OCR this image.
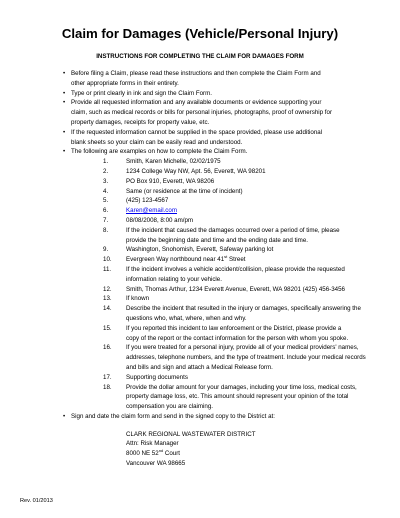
Claim for Damages (Vehicle/Personal Injury)
INSTRUCTIONS FOR COMPLETING THE CLAIM FOR DAMAGES FORM
• Before filing a Claim, please read these instructions and then complete the Claim Form and
other appropriate forms in their entirety.
• Type or print clearly in ink and sign the Claim Form.
• Provide all requested information and any available documents or evidence supporting your
claim, such as medical records or bills for personal injuries, photographs, proof of ownership for
property damages, receipts for property value, etc.
• If the requested information cannot be supplied in the space provided, please use additional
blank sheets so your claim can be easily read and understood.
• The following are examples on how to complete the Claim Form.
1.	Smith, Karen Michelle, 02/02/1975
2.	1234 College Way NW, Apt. 56, Everett, WA 98201
3.	PO Box 910, Everett, WA 98206
4.	Same (or residence at the time of incident)
5.	(425) 123-4567
6.	Karen@email.com
7.	08/08/2008, 8:00 am/pm
8.	If the incident that caused the damages occurred over a period of time, please
provide the beginning date and time and the ending date and time.
9.	Washington, Snohomish, Everett, Safeway parking lot
10. Evergreen Way northbound near 41st Street
11. If the incident involves a vehicle accident/collision, please provide the requested
information relating to your vehicle.
12. Smith, Thomas Arthur, 1234 Everett Avenue, Everett, WA 98201 (425) 456-3456
13. If known
14. Describe the incident that resulted in the injury or damages, specifically answering the
questions who, what, where, when and why.
15. If you reported this incident to law enforcement or the District, please provide a
copy of the report or the contact information for the person with whom you spoke.
16. If you were treated for a personal injury, provide all of your medical providers' names,
addresses, telephone numbers, and the type of treatment. Include your medical records
and bills and sign and attach a Medical Release form.
17. Supporting documents
18. Provide the dollar amount for your damages, including your time loss, medical costs,
property damage loss, etc. This amount should represent your opinion of the total
compensation you are claiming.
• Sign and date the claim form and send in the signed copy to the District at:
CLARK REGIONAL WASTEWATER DISTRICT
Attn: Risk Manager
8000 NE 52nd Court
Vancouver WA 98665
Rev. 01/2013
